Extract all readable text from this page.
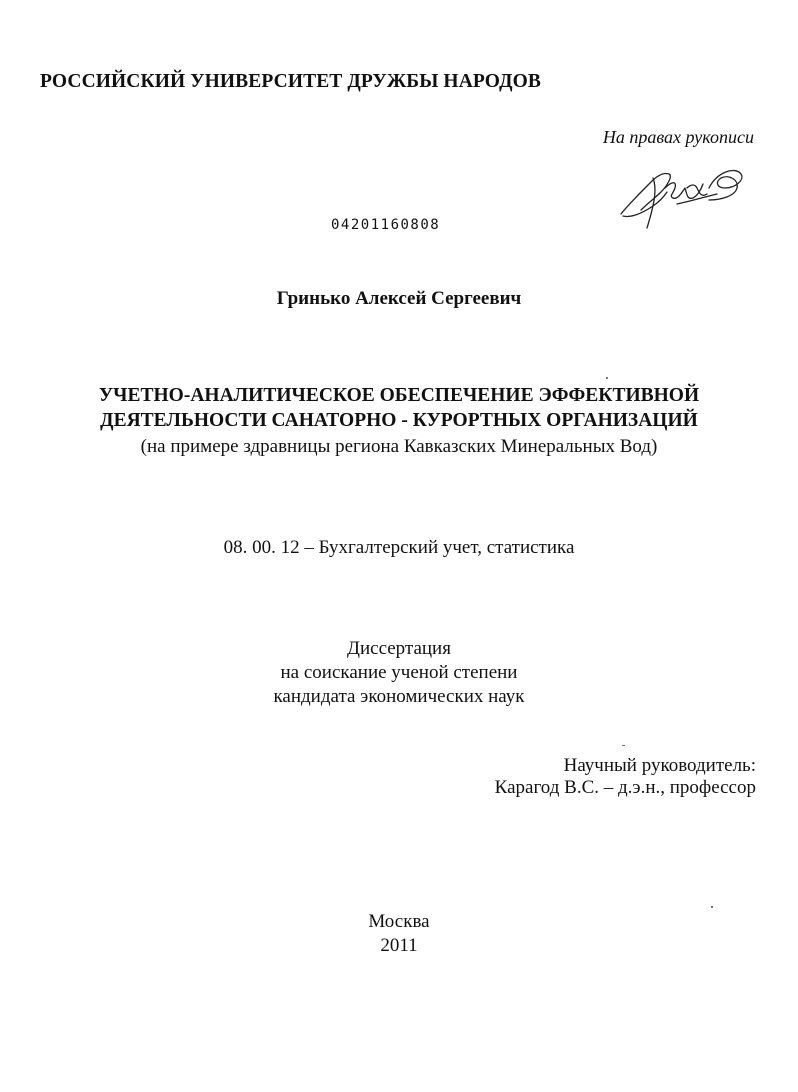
РОССИЙСКИЙ УНИВЕРСИТЕТ ДРУЖБЫ НАРОДОВ
На правах рукописи
04201160808
Гринько Алексей Сергеевич
УЧЕТНО-АНАЛИТИЧЕСКОЕ ОБЕСПЕЧЕНИЕ ЭФФЕКТИВНОЙ
ДЕЯТЕЛЬНОСТИ САНАТОРНО - КУРОРТНЫХ ОРГАНИЗАЦИЙ
(на примере здравницы региона Кавказских Минеральных Вод)
08. 00. 12 – Бухгалтерский учет, статистика
Диссертация
на соискание ученой степени
кандидата экономических наук
Научный руководитель:
Карагод В.С. – д.э.н., профессор
Москва
2011
